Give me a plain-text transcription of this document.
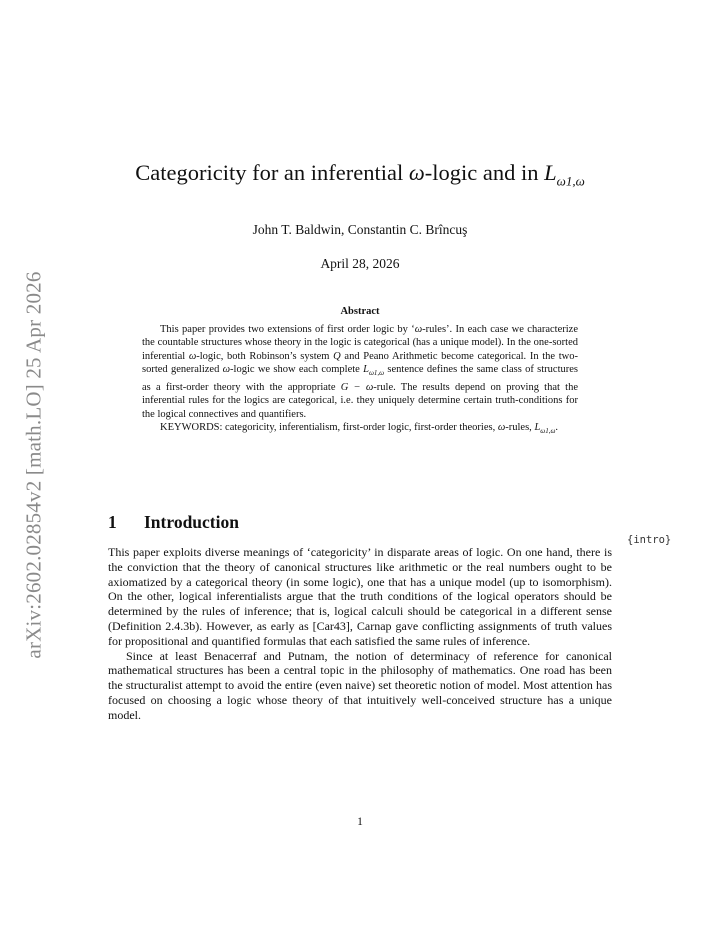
arXiv:2602.02854v2 [math.LO] 25 Apr 2026
Categoricity for an inferential ω-logic and in $L_{\omega 1,\omega}$
John T. Baldwin, Constantin C. Brîncuş
April 28, 2026
Abstract

This paper provides two extensions of first order logic by ‘ω-rules’. In each case we characterize the countable structures whose theory in the logic is categorical (has a unique model). In the one-sorted inferential ω-logic, both Robinson’s system Q and Peano Arithmetic become categorical. In the two-sorted generalized ω-logic we show each complete $L_{\omega 1,\omega}$ sentence defines the same class of structures as a first-order theory with the appropriate G − ω-rule. The results depend on proving that the inferential rules for the logics are categorical, i.e. they uniquely determine certain truth-conditions for the logical connectives and quantifiers.

KEYWORDS: categoricity, inferentialism, first-order logic, first-order theories, ω-rules, $L_{\omega 1,\omega}$.

1 Introduction

This paper exploits diverse meanings of ‘categoricity’ in disparate areas of logic. On one hand, there is the conviction that the theory of canonical structures like arithmetic or the real numbers ought to be axiomatized by a categorical theory (in some logic), one that has a unique model (up to isomorphism). On the other, logical inferentialists argue that the truth conditions of the logical operators should be determined by the rules of inference; that is, logical calculi should be categorical in a different sense (Definition 2.4.3b). However, as early as [Car43], Carnap gave conflicting assignments of truth values for propositional and quantified formulas that each satisfied the same rules of inference.

Since at least Benacerraf and Putnam, the notion of determinacy of reference for canonical mathematical structures has been a central topic in the philosophy of mathematics. One road has been the structuralist attempt to avoid the entire (even naive) set theoretic notion of model. Most attention has focused on choosing a logic whose theory of that intuitively well-conceived structure has a unique model.

1
{intro}
